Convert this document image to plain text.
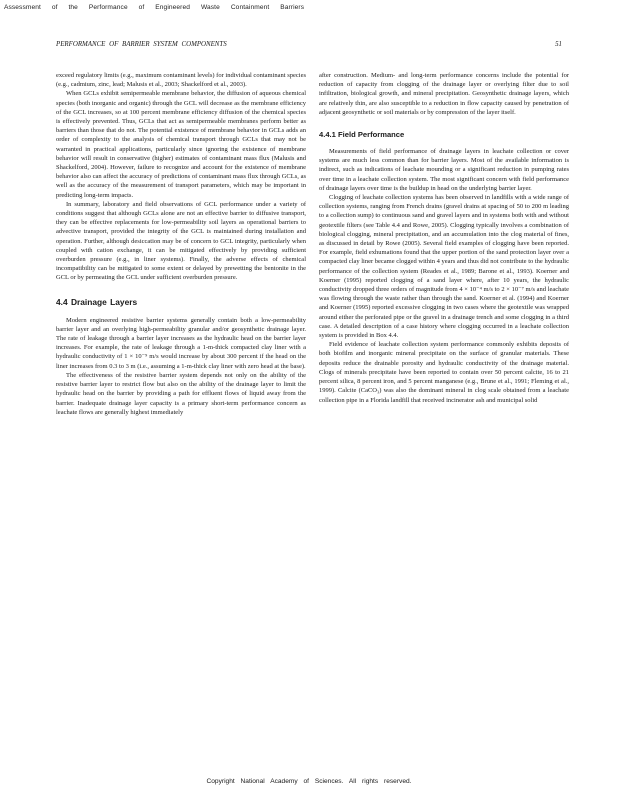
Assessment of the Performance of Engineered Waste Containment Barriers
PERFORMANCE OF BARRIER SYSTEM COMPONENTS	51

exceed regulatory limits (e.g., maximum contaminant levels) for individual contaminant species (e.g., cadmium, zinc, lead; Malusis et al., 2003; Shackelford et al., 2003).

When GCLs exhibit semipermeable membrane behavior, the diffusion of aqueous chemical species (both inorganic and organic) through the GCL will decrease as the membrane efficiency of the GCL increases, so at 100 percent membrane efficiency diffusion of the chemical species is effectively prevented. Thus, GCLs that act as semipermeable membranes perform better as barriers than those that do not. The potential existence of membrane behavior in GCLs adds an order of complexity to the analysis of chemical transport through GCLs that may not be warranted in practical applications, particularly since ignoring the existence of membrane behavior will result in conservative (higher) estimates of contaminant mass flux (Malusis and Shackelford, 2004). However, failure to recognize and account for the existence of membrane behavior also can affect the accuracy of predictions of contaminant mass flux through GCLs, as well as the accuracy of the measurement of transport parameters, which may be important in predicting long-term impacts.

In summary, laboratory and field observations of GCL performance under a variety of conditions suggest that although GCLs alone are not an effective barrier to diffusive transport, they can be effective replacements for low-permeability soil layers as operational barriers to advective transport, provided the integrity of the GCL is maintained during installation and operation. Further, although desiccation may be of concern to GCL integrity, particularly when coupled with cation exchange, it can be mitigated effectively by providing sufficient overburden pressure (e.g., in liner systems). Finally, the adverse effects of chemical incompatibility can be mitigated to some extent or delayed by prewetting the bentonite in the GCL or by permeating the GCL under sufficient overburden pressure.

4.4 Drainage Layers

Modern engineered resistive barrier systems generally contain both a low-permeability barrier layer and an overlying high-permeability granular and/or geosynthetic drainage layer. The rate of leakage through a barrier layer increases as the hydraulic head on the barrier layer increases. For example, the rate of leakage through a 1-m-thick compacted clay liner with a hydraulic conductivity of 1 × 10⁻⁹ m/s would increase by about 300 percent if the head on the liner increases from 0.3 to 3 m (i.e., assuming a 1-m-thick clay liner with zero head at the base).

The effectiveness of the resistive barrier system depends not only on the ability of the resistive barrier layer to restrict flow but also on the ability of the drainage layer to limit the hydraulic head on the barrier by providing a path for effluent flows of liquid away from the barrier. Inadequate drainage layer capacity is a primary short-term performance concern as leachate flows are generally highest immediately

after construction. Medium- and long-term performance concerns include the potential for reduction of capacity from clogging of the drainage layer or overlying filter due to soil infiltration, biological growth, and mineral precipitation. Geosynthetic drainage layers, which are relatively thin, are also susceptible to a reduction in flow capacity caused by penetration of adjacent geosynthetic or soil materials or by compression of the layer itself.

4.4.1 Field Performance

Measurements of field performance of drainage layers in leachate collection or cover systems are much less common than for barrier layers. Most of the available information is indirect, such as indications of leachate mounding or a significant reduction in pumping rates over time in a leachate collection system. The most significant concern with field performance of drainage layers over time is the buildup in head on the underlying barrier layer.

Clogging of leachate collection systems has been observed in landfills with a wide range of collection systems, ranging from French drains (gravel drains at spacing of 50 to 200 m leading to a collection sump) to continuous sand and gravel layers and in systems both with and without geotextile filters (see Table 4.4 and Rowe, 2005). Clogging typically involves a combination of biological clogging, mineral precipitation, and an accumulation into the clog material of fines, as discussed in detail by Rowe (2005). Several field examples of clogging have been reported. For example, field exhumations found that the upper portion of the sand protection layer over a compacted clay liner became clogged within 4 years and thus did not contribute to the hydraulic performance of the collection system (Reades et al., 1989; Barone et al., 1993). Koerner and Koerner (1995) reported clogging of a sand layer where, after 10 years, the hydraulic conductivity dropped three orders of magnitude from 4 × 10⁻⁴ m/s to 2 × 10⁻⁷ m/s and leachate was flowing through the waste rather than through the sand. Koerner et al. (1994) and Koerner and Koerner (1995) reported excessive clogging in two cases where the geotextile was wrapped around either the perforated pipe or the gravel in a drainage trench and some clogging in a third case. A detailed description of a case history where clogging occurred in a leachate collection system is provided in Box 4.4.

Field evidence of leachate collection system performance commonly exhibits deposits of both biofilm and inorganic mineral precipitate on the surface of granular materials. These deposits reduce the drainable porosity and hydraulic conductivity of the drainage material. Clogs of minerals precipitate have been reported to contain over 50 percent calcite, 16 to 21 percent silica, 8 percent iron, and 5 percent manganese (e.g., Brune et al., 1991; Fleming et al., 1999). Calcite (CaCO₃) was also the dominant mineral in clog scale obtained from a leachate collection pipe in a Florida landfill that received incinerator ash and municipal solid

Copyright National Academy of Sciences. All rights reserved.
